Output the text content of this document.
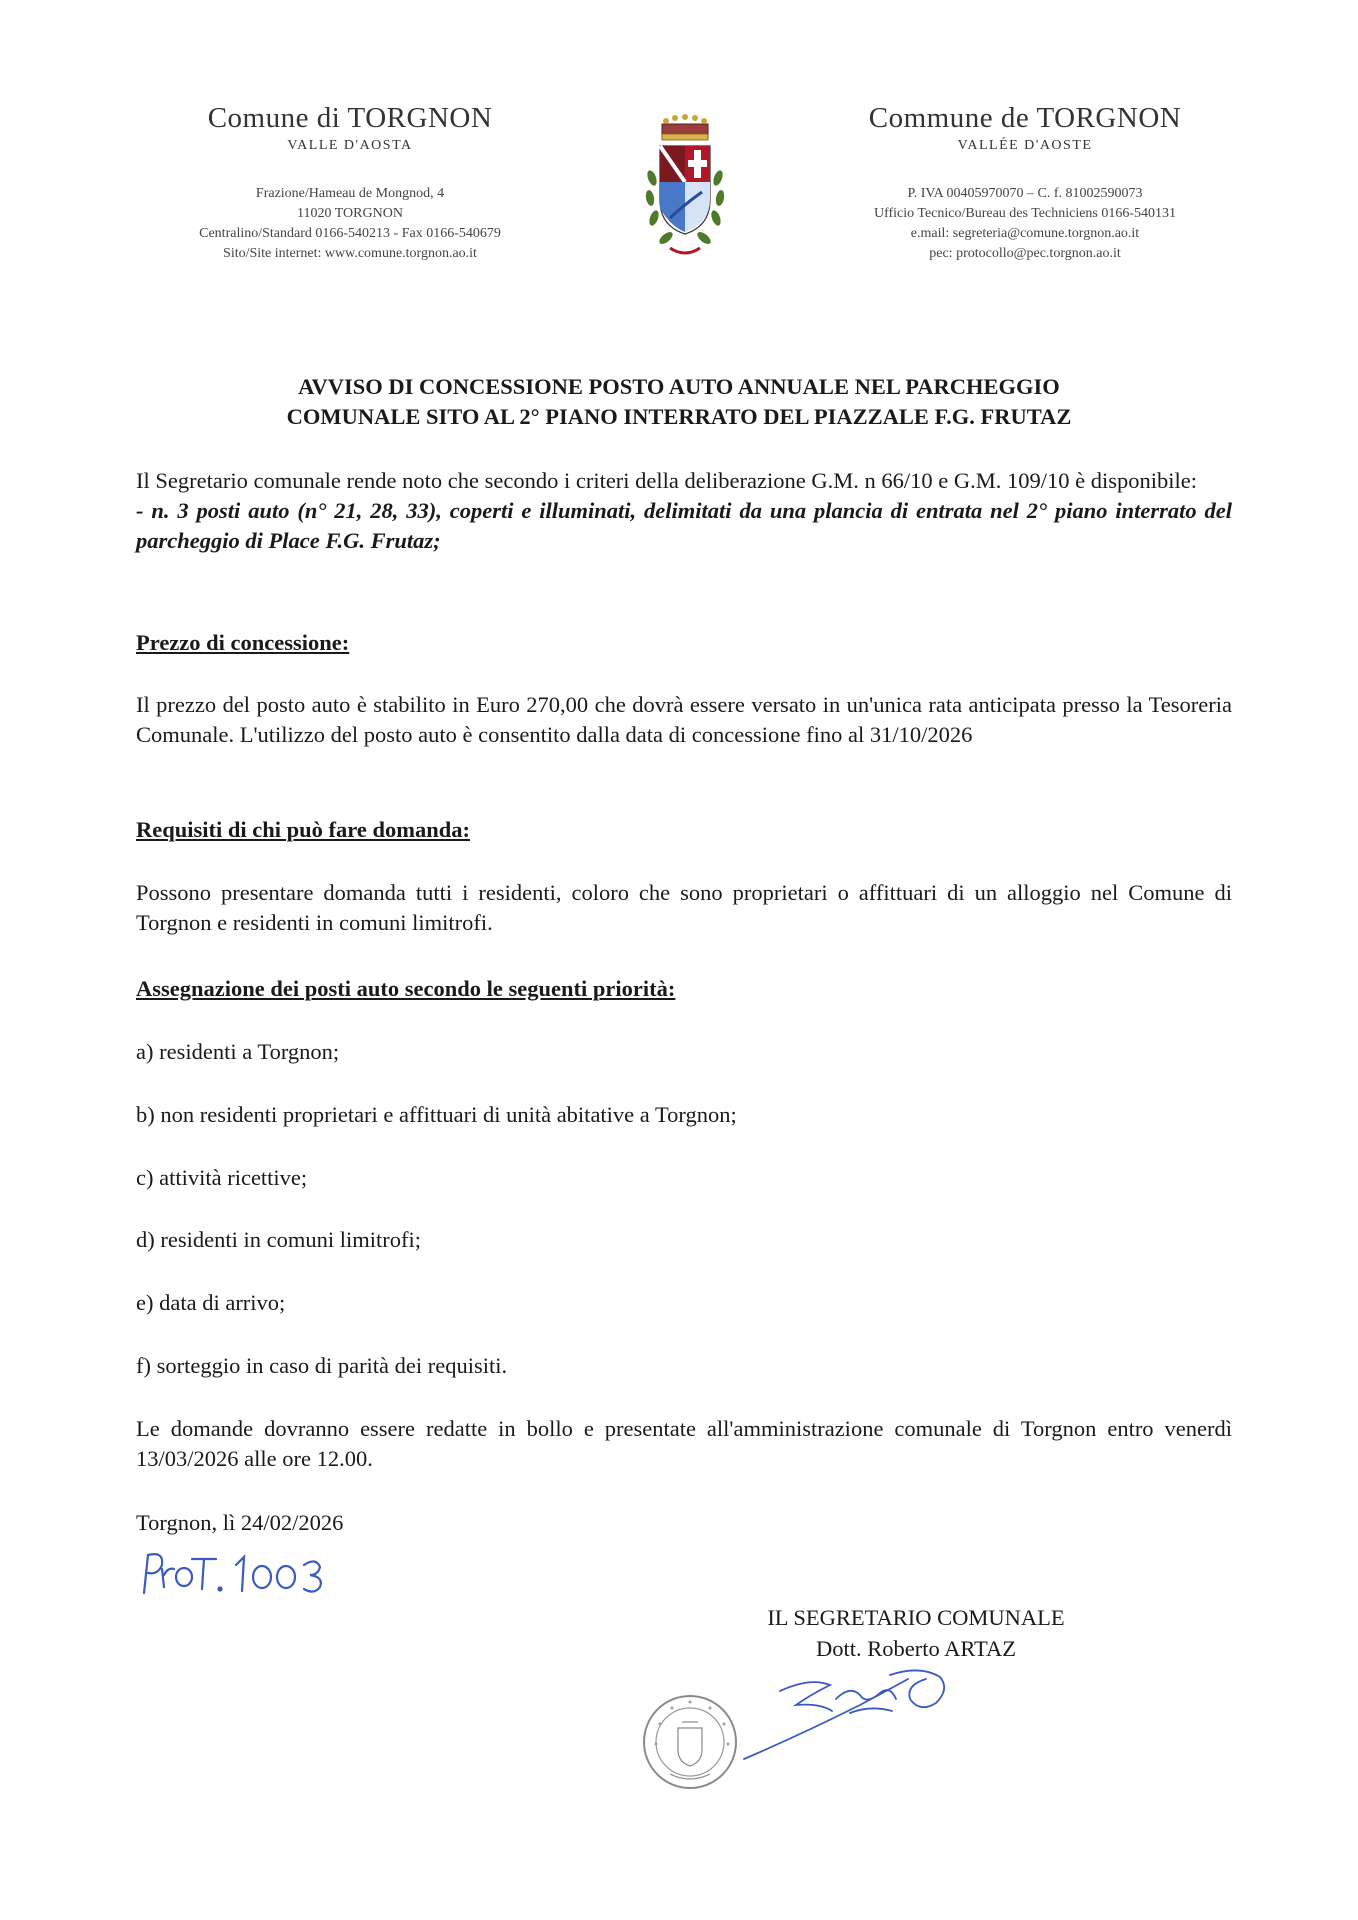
Comune di TORGNON
VALLE D'AOSTA
Frazione/Hameau de Mongnod, 4
11020 TORGNON
Centralino/Standard 0166-540213 - Fax 0166-540679
Sito/Site internet: www.comune.torgnon.ao.it
Commune de TORGNON
VALLÉE D'AOSTE
P. IVA 00405970070 – C. f. 81002590073
Ufficio Tecnico/Bureau des Techniciens 0166-540131
e.mail: segreteria@comune.torgnon.ao.it
pec: protocollo@pec.torgnon.ao.it
AVVISO DI CONCESSIONE POSTO AUTO ANNUALE NEL PARCHEGGIO
COMUNALE SITO AL 2° PIANO INTERRATO DEL PIAZZALE F.G. FRUTAZ
Il Segretario comunale rende noto che secondo i criteri della deliberazione G.M. n 66/10 e G.M. 109/10 è disponibile:
- n. 3 posti auto (n° 21, 28, 33), coperti e illuminati, delimitati da una plancia di entrata nel 2° piano interrato del parcheggio di Place F.G. Frutaz;
Prezzo di concessione:
Il prezzo del posto auto è stabilito in Euro 270,00 che dovrà essere versato in un'unica rata anticipata presso la Tesoreria Comunale. L'utilizzo del posto auto è consentito dalla data di concessione fino al 31/10/2026
Requisiti di chi può fare domanda:
Possono presentare domanda tutti i residenti, coloro che sono proprietari o affittuari di un alloggio nel Comune di Torgnon e residenti in comuni limitrofi.
Assegnazione dei posti auto secondo le seguenti priorità:
a) residenti a Torgnon;
b) non residenti proprietari e affittuari di unità abitative a Torgnon;
c) attività ricettive;
d) residenti in comuni limitrofi;
e) data di arrivo;
f) sorteggio in caso di parità dei requisiti.
Le domande dovranno essere redatte in bollo e presentate all'amministrazione comunale di Torgnon entro venerdì 13/03/2026 alle ore 12.00.
Torgnon, lì 24/02/2026
IL SEGRETARIO COMUNALE
Dott. Roberto ARTAZ
